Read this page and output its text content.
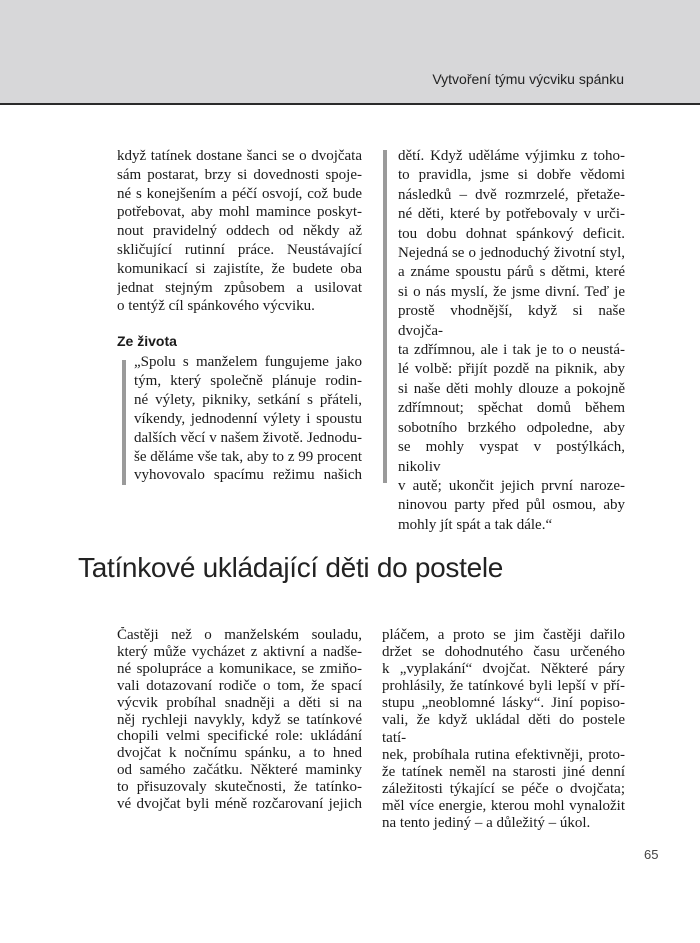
Vytvoření týmu výcviku spánku
když tatínek dostane šanci se o dvojčata
sám postarat, brzy si dovednosti spoje-
né s konejšením a péčí osvojí, což bude
potřebovat, aby mohl mamince poskyt-
nout pravidelný oddech od někdy až
skličující rutinní práce. Neustávající
komunikací si zajistíte, že budete oba
jednat stejným způsobem a usilovat
o tentýž cíl spánkového výcviku.
Ze života
„Spolu s manželem fungujeme jako
tým, který společně plánuje rodin-
né výlety, pikniky, setkání s přáteli,
víkendy, jednodenní výlety i spoustu
dalších věcí v našem životě. Jednodu-
še děláme vše tak, aby to z 99 procent
vyhovovalo spacímu režimu našich
dětí. Když uděláme výjimku z toho-
to pravidla, jsme si dobře vědomi
následků – dvě rozmrzelé, přetaže-
né děti, které by potřebovaly v urči-
tou dobu dohnat spánkový deficit.
Nejedná se o jednoduchý životní styl,
a známe spoustu párů s dětmi, které
si o nás myslí, že jsme divní. Teď je
prostě vhodnější, když si naše dvojča-
ta zdřímnou, ale i tak je to o neustá-
lé volbě: přijít pozdě na piknik, aby
si naše děti mohly dlouze a pokojně
zdřímnout; spěchat domů během
sobotního brzkého odpoledne, aby
se mohly vyspat v postýlkách, nikoliv
v autě; ukončit jejich první naroze-
ninovou party před půl osmou, aby
mohly jít spát a tak dále.“
Tatínkové ukládající děti do postele
Častěji než o manželském souladu,
který může vycházet z aktivní a nadše-
né spolupráce a komunikace, se zmiňo-
vali dotazovaní rodiče o tom, že spací
výcvik probíhal snadněji a děti si na
něj rychleji navykly, když se tatínkové
chopili velmi specifické role: ukládání
dvojčat k nočnímu spánku, a to hned
od samého začátku. Některé maminky
to přisuzovaly skutečnosti, že tatínko-
vé dvojčat byli méně rozčarovaní jejich
pláčem, a proto se jim častěji dařilo
držet se dohodnutého času určeného
k „vyplakání“ dvojčat. Některé páry
prohlásily, že tatínkové byli lepší v pří-
stupu „neoblomné lásky“. Jiní popiso-
vali, že když ukládal děti do postele tatí-
nek, probíhala rutina efektivněji, proto-
že tatínek neměl na starosti jiné denní
záležitosti týkající se péče o dvojčata;
měl více energie, kterou mohl vynaložit
na tento jediný – a důležitý – úkol.
65
